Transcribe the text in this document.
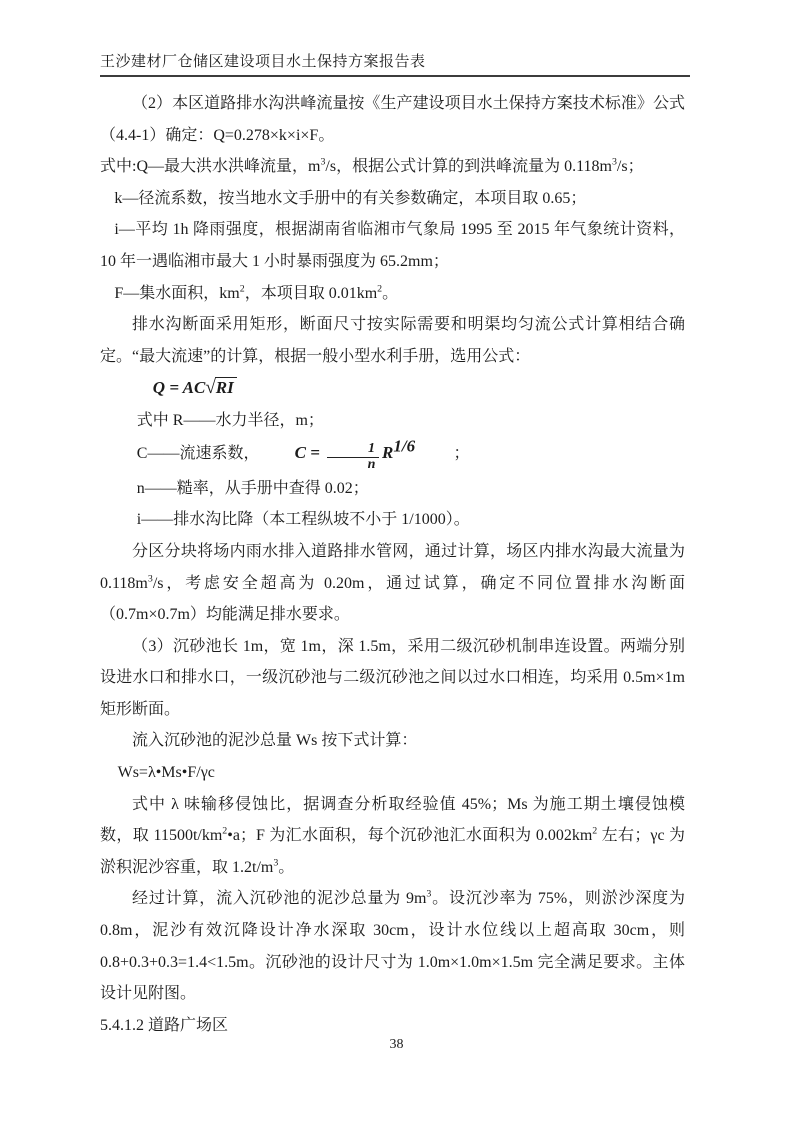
王沙建材厂仓储区建设项目水土保持方案报告表

（2）本区道路排水沟洪峰流量按《生产建设项目水土保持方案技术标准》公式（4.4-1）确定：Q=0.278×k×i×F。

式中:Q—最大洪水洪峰流量，$m^3/s$，根据公式计算的到洪峰流量为 $0.118m^3/s$；

k—径流系数，按当地水文手册中的有关参数确定，本项目取 0.65；

i—平均 1h 降雨强度，根据湖南省临湘市气象局 1995 至 2015 年气象统计资料，10 年一遇临湘市最大 1 小时暴雨强度为 65.2mm；

F—集水面积，$km^2$，本项目取 $0.01km^2$。

排水沟断面采用矩形，断面尺寸按实际需要和明渠均匀流公式计算相结合确定。“最大流速”的计算，根据一般小型水利手册，选用公式：

Q = AC√RI

式中 R——水力半径，m；

C——流速系数， $C = \frac{1}{n} R^{1/6}$ ；

n——糙率，从手册中查得 0.02；

i——排水沟比降（本工程纵坡不小于 1/1000）。

分区分块将场内雨水排入道路排水管网，通过计算，场区内排水沟最大流量为 $0.118m^3/s$，考虑安全超高为 0.20m，通过试算，确定不同位置排水沟断面（0.7m×0.7m）均能满足排水要求。

（3）沉砂池长 1m，宽 1m，深 1.5m，采用二级沉砂机制串连设置。两端分别设进水口和排水口，一级沉砂池与二级沉砂池之间以过水口相连，均采用 0.5m×1m 矩形断面。

流入沉砂池的泥沙总量 Ws 按下式计算：

Ws=λ•Ms•F/γc

式中 λ 味输移侵蚀比，据调查分析取经验值 45%；Ms 为施工期土壤侵蚀模数，取 $11500t/km^2•a$；F 为汇水面积，每个沉砂池汇水面积为 $0.002km^2$ 左右；γc 为淤积泥沙容重，取 $1.2t/m^3$。

经过计算，流入沉砂池的泥沙总量为 $9m^3$。设沉沙率为 75%，则淤沙深度为 0.8m，泥沙有效沉降设计净水深取 30cm，设计水位线以上超高取 30cm，则 0.8+0.3+0.3=1.4<1.5m。沉砂池的设计尺寸为 1.0m×1.0m×1.5m 完全满足要求。主体设计见附图。

5.4.1.2 道路广场区

38
